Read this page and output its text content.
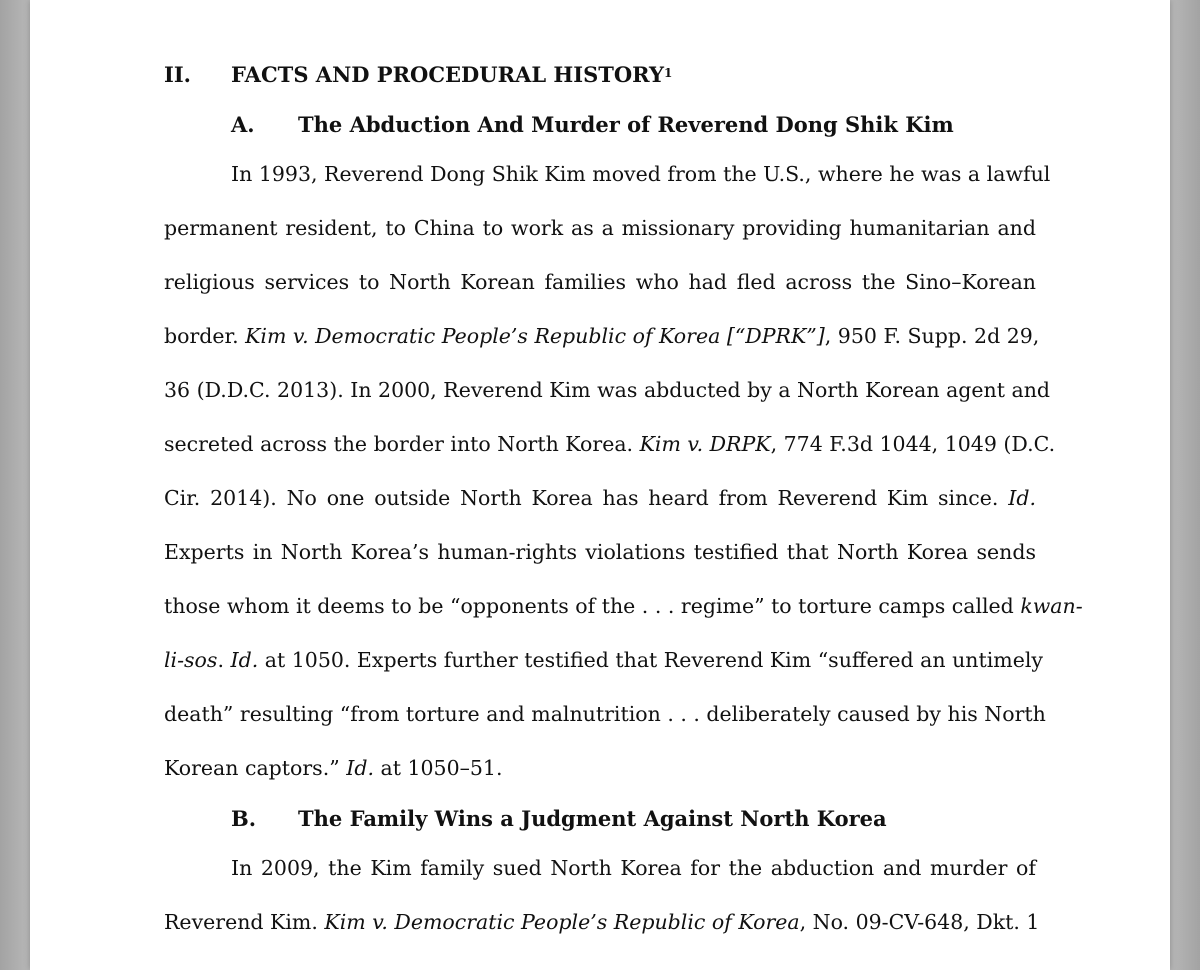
II. FACTS AND PROCEDURAL HISTORY$^1$
A. The Abduction And Murder of Reverend Dong Shik Kim
In 1993, Reverend Dong Shik Kim moved from the U.S., where he was a lawful
permanent resident, to China to work as a missionary providing humanitarian and
religious services to North Korean families who had fled across the Sino–Korean
border. Kim v. Democratic People’s Republic of Korea [“DPRK”], 950 F. Supp. 2d 29,
36 (D.D.C. 2013). In 2000, Reverend Kim was abducted by a North Korean agent and
secreted across the border into North Korea. Kim v. DRPK, 774 F.3d 1044, 1049 (D.C.
Cir. 2014). No one outside North Korea has heard from Reverend Kim since. Id.
Experts in North Korea’s human-rights violations testified that North Korea sends
those whom it deems to be “opponents of the . . . regime” to torture camps called kwan-
li-sos. Id. at 1050. Experts further testified that Reverend Kim “suffered an untimely
death” resulting “from torture and malnutrition . . . deliberately caused by his North
Korean captors.” Id. at 1050–51.
B. The Family Wins a Judgment Against North Korea
In 2009, the Kim family sued North Korea for the abduction and murder of
Reverend Kim. Kim v. Democratic People’s Republic of Korea, No. 09-CV-648, Dkt. 1
